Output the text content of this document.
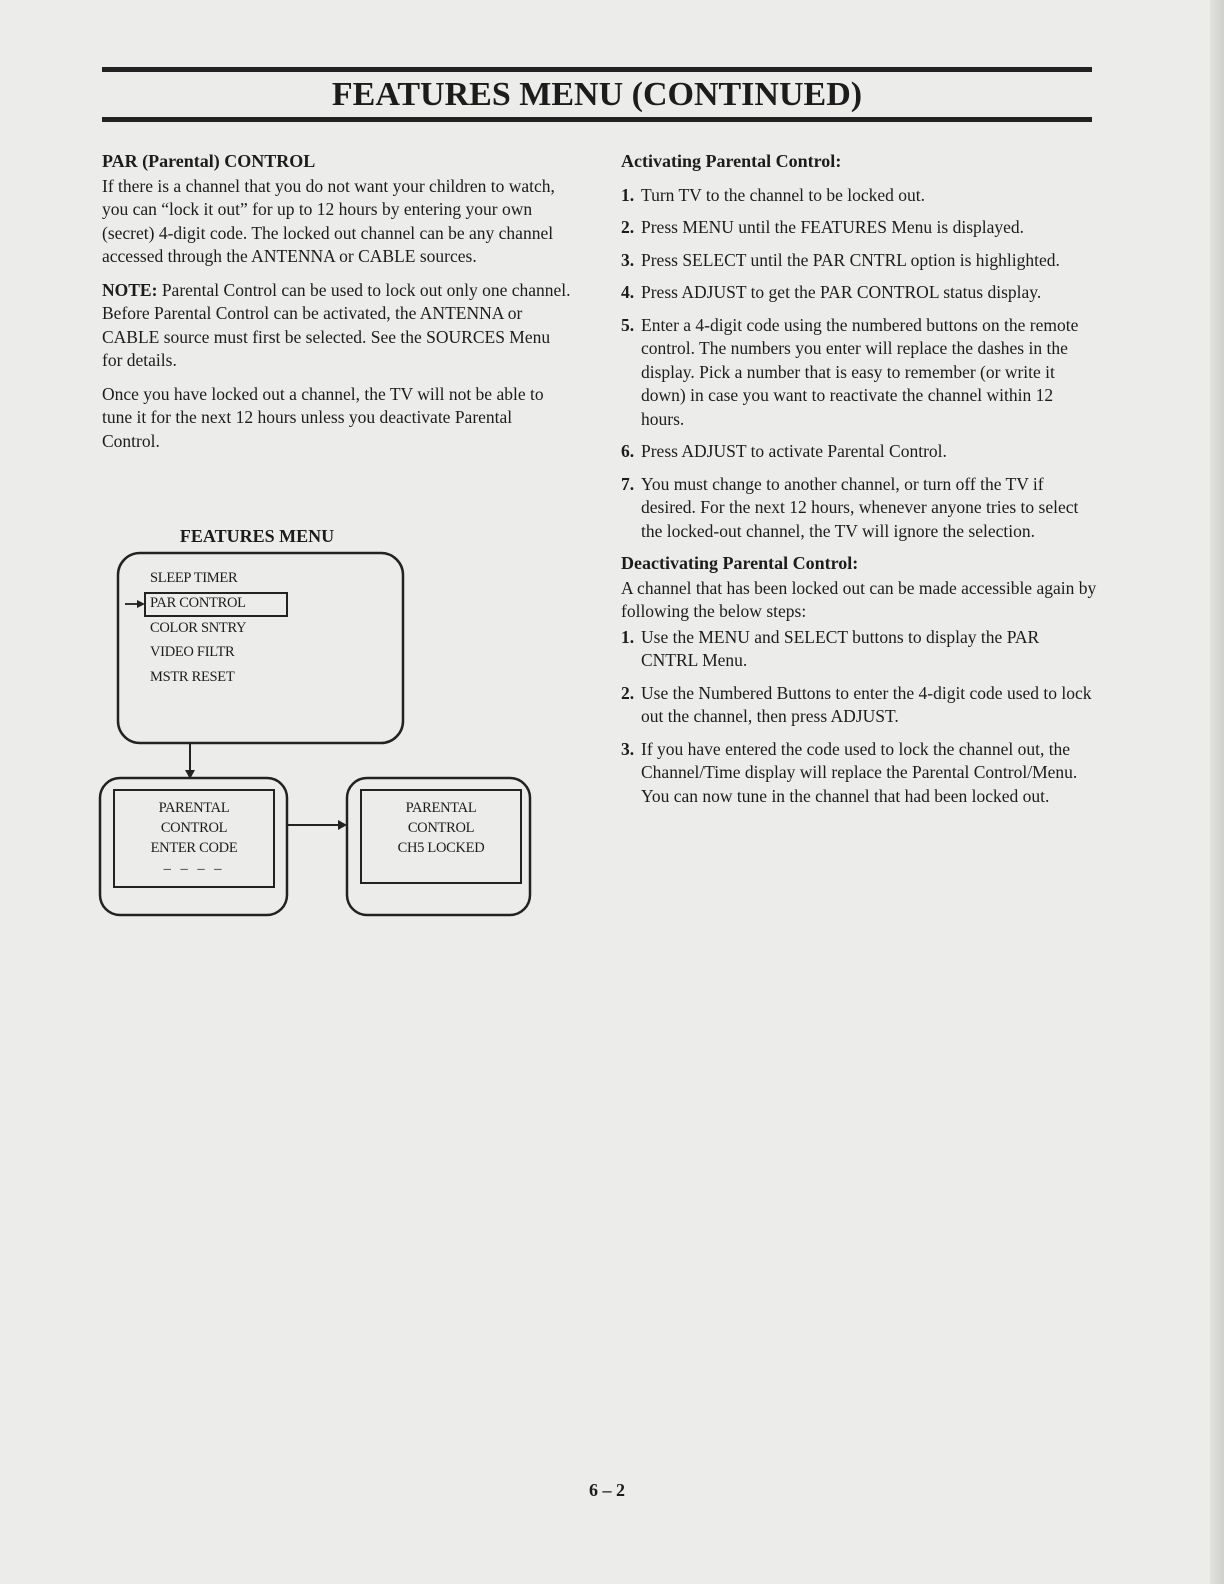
FEATURES MENU (CONTINUED)
PAR (Parental) CONTROL

If there is a channel that you do not want your children to watch, you can “lock it out” for up to 12 hours by entering your own (secret) 4-digit code. The locked out channel can be any channel accessed through the ANTENNA or CABLE sources.

NOTE: Parental Control can be used to lock out only one channel. Before Parental Control can be activated, the ANTENNA or CABLE source must first be selected. See the SOURCES Menu for details.

Once you have locked out a channel, the TV will not be able to tune it for the next 12 hours unless you deactivate Parental Control.

FEATURES MENU
SLEEP TIMER
PAR CONTROL
COLOR SNTRY
VIDEO FILTR
MSTR RESET
PARENTAL
CONTROL
ENTER CODE
_ _ _ _
PARENTAL
CONTROL
CH5 LOCKED
Activating Parental Control:
1. Turn TV to the channel to be locked out.
2. Press MENU until the FEATURES Menu is displayed.
3. Press SELECT until the PAR CNTRL option is highlighted.
4. Press ADJUST to get the PAR CONTROL status display.
5. Enter a 4-digit code using the numbered buttons on the remote control. The numbers you enter will replace the dashes in the display. Pick a number that is easy to remember (or write it down) in case you want to reactivate the channel within 12 hours.
6. Press ADJUST to activate Parental Control.
7. You must change to another channel, or turn off the TV if desired. For the next 12 hours, whenever anyone tries to select the locked-out channel, the TV will ignore the selection.
Deactivating Parental Control:

A channel that has been locked out can be made accessible again by following the below steps:

1. Use the MENU and SELECT buttons to display the PAR CNTRL Menu.
2. Use the Numbered Buttons to enter the 4-digit code used to lock out the channel, then press ADJUST.
3. If you have entered the code used to lock the channel out, the Channel/Time display will replace the Parental Control/Menu. You can now tune in the channel that had been locked out.
6 – 2
